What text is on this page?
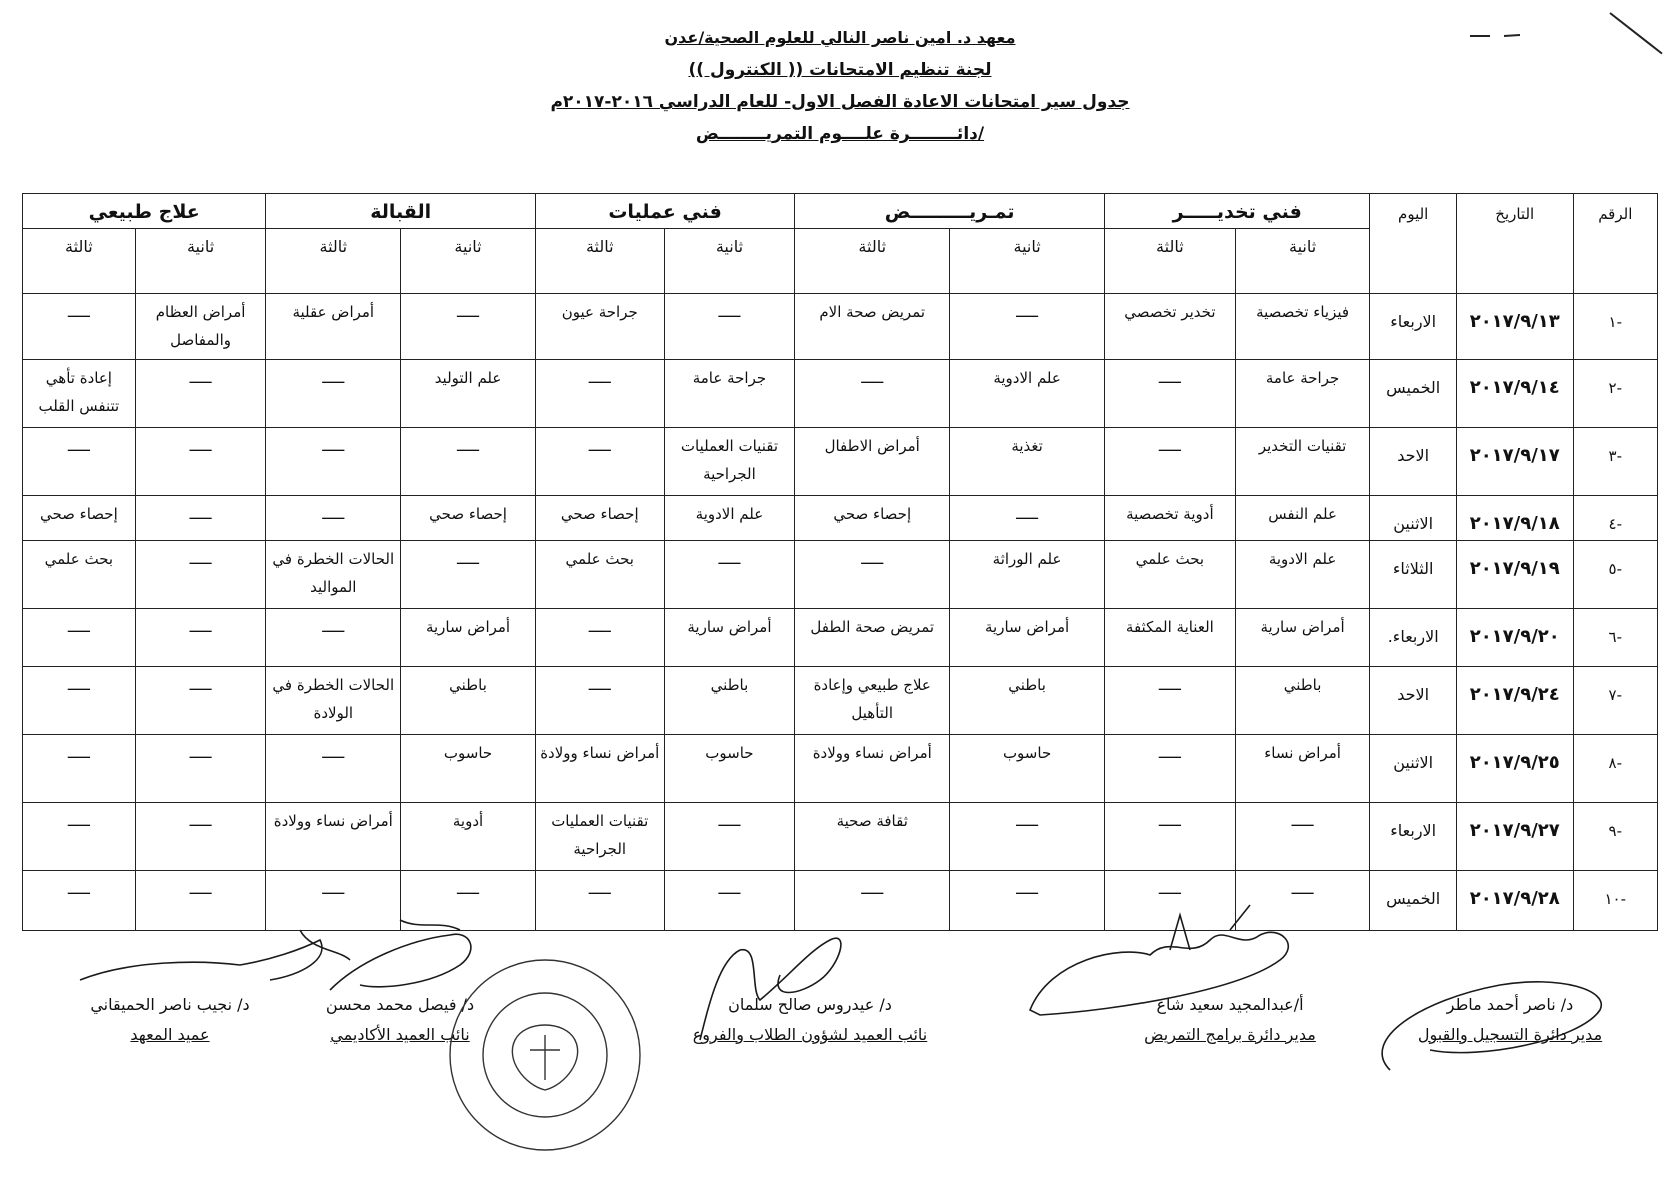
معهد د. امين ناصر النالي للعلوم الصحية/عدن
لجنة تنظيم الامتحانات (( الكنترول ))
جدول سير امتحانات الاعادة الفصل الاول- للعام الدراسي ٢٠١٦-٢٠١٧م
/دائــــــــرة علــــوم التمريــــــــض
الرقم	التاريخ	اليوم	فني تخديـــــر		تمـريـــــــــض		فني عمليات		القبالة		علاج طبيعي	
			ثانية	ثالثة	ثانية	ثالثة	ثانية	ثالثة	ثانية	ثالثة	ثانية	ثالثة
-١	٢٠١٧/٩/١٣	الاربعاء	فيزياء تخصصية	تخدير تخصصي	ـــــ	تمريض صحة الام	ـــــ	جراحة عيون	ـــــ	أمراض عقلية	أمراض العظام والمفاصل	ـــــ
-٢	٢٠١٧/٩/١٤	الخميس	جراحة عامة	ـــــ	علم الادوية	ـــــ	جراحة عامة	ـــــ	علم التوليد	ـــــ	ـــــ	إعادة تأهي تتنفس القلب
-٣	٢٠١٧/٩/١٧	الاحد	تقنيات التخدير	ـــــ	تغذية	أمراض الاطفال	تقنيات العمليات الجراحية	ـــــ	ـــــ	ـــــ	ـــــ	ـــــ
-٤	٢٠١٧/٩/١٨	الاثنين	علم النفس	أدوية تخصصية	ـــــ	إحصاء صحي	علم الادوية	إحصاء صحي	إحصاء صحي	ـــــ	ـــــ	إحصاء صحي
-٥	٢٠١٧/٩/١٩	الثلاثاء	علم الادوية	بحث علمي	علم الوراثة	ـــــ	ـــــ	بحث علمي	ـــــ	الحالات الخطرة في المواليد	ـــــ	بحث علمي
-٦	٢٠١٧/٩/٢٠	الاربعاء.	أمراض سارية	العناية المكثفة	أمراض سارية	تمريض صحة الطفل	أمراض سارية	ـــــ	أمراض سارية	ـــــ	ـــــ	ـــــ
-٧	٢٠١٧/٩/٢٤	الاحد	باطني	ـــــ	باطني	علاج طبيعي وإعادة التأهيل	باطني	ـــــ	باطني	الحالات الخطرة في الولادة	ـــــ	ـــــ
-٨	٢٠١٧/٩/٢٥	الاثنين	أمراض نساء	ـــــ	حاسوب	أمراض نساء وولادة	حاسوب	أمراض نساء وولادة	حاسوب	ـــــ	ـــــ	ـــــ
-٩	٢٠١٧/٩/٢٧	الاربعاء	ـــــ	ـــــ	ـــــ	ثقافة صحية	ـــــ	تقنيات العمليات الجراحية	أدوية	أمراض نساء وولادة	ـــــ	ـــــ
-١٠	٢٠١٧/٩/٢٨	الخميس	ـــــ	ـــــ	ـــــ	ـــــ	ـــــ	ـــــ	ـــــ	ـــــ	ـــــ	ـــــ
د/ ناصر أحمد ماطر
مدير دائرة التسجيل والقبول
أ/عبدالمجيد سعيد شاع
مدير دائرة برامج التمريض
د/ عيدروس صالح سلمان
نائب العميد لشؤون الطلاب والفروع
د/ فيصل محمد محسن
نائب العميد الأكاديمي
د/ نجيب ناصر الحميقاني
عميد المعهد
